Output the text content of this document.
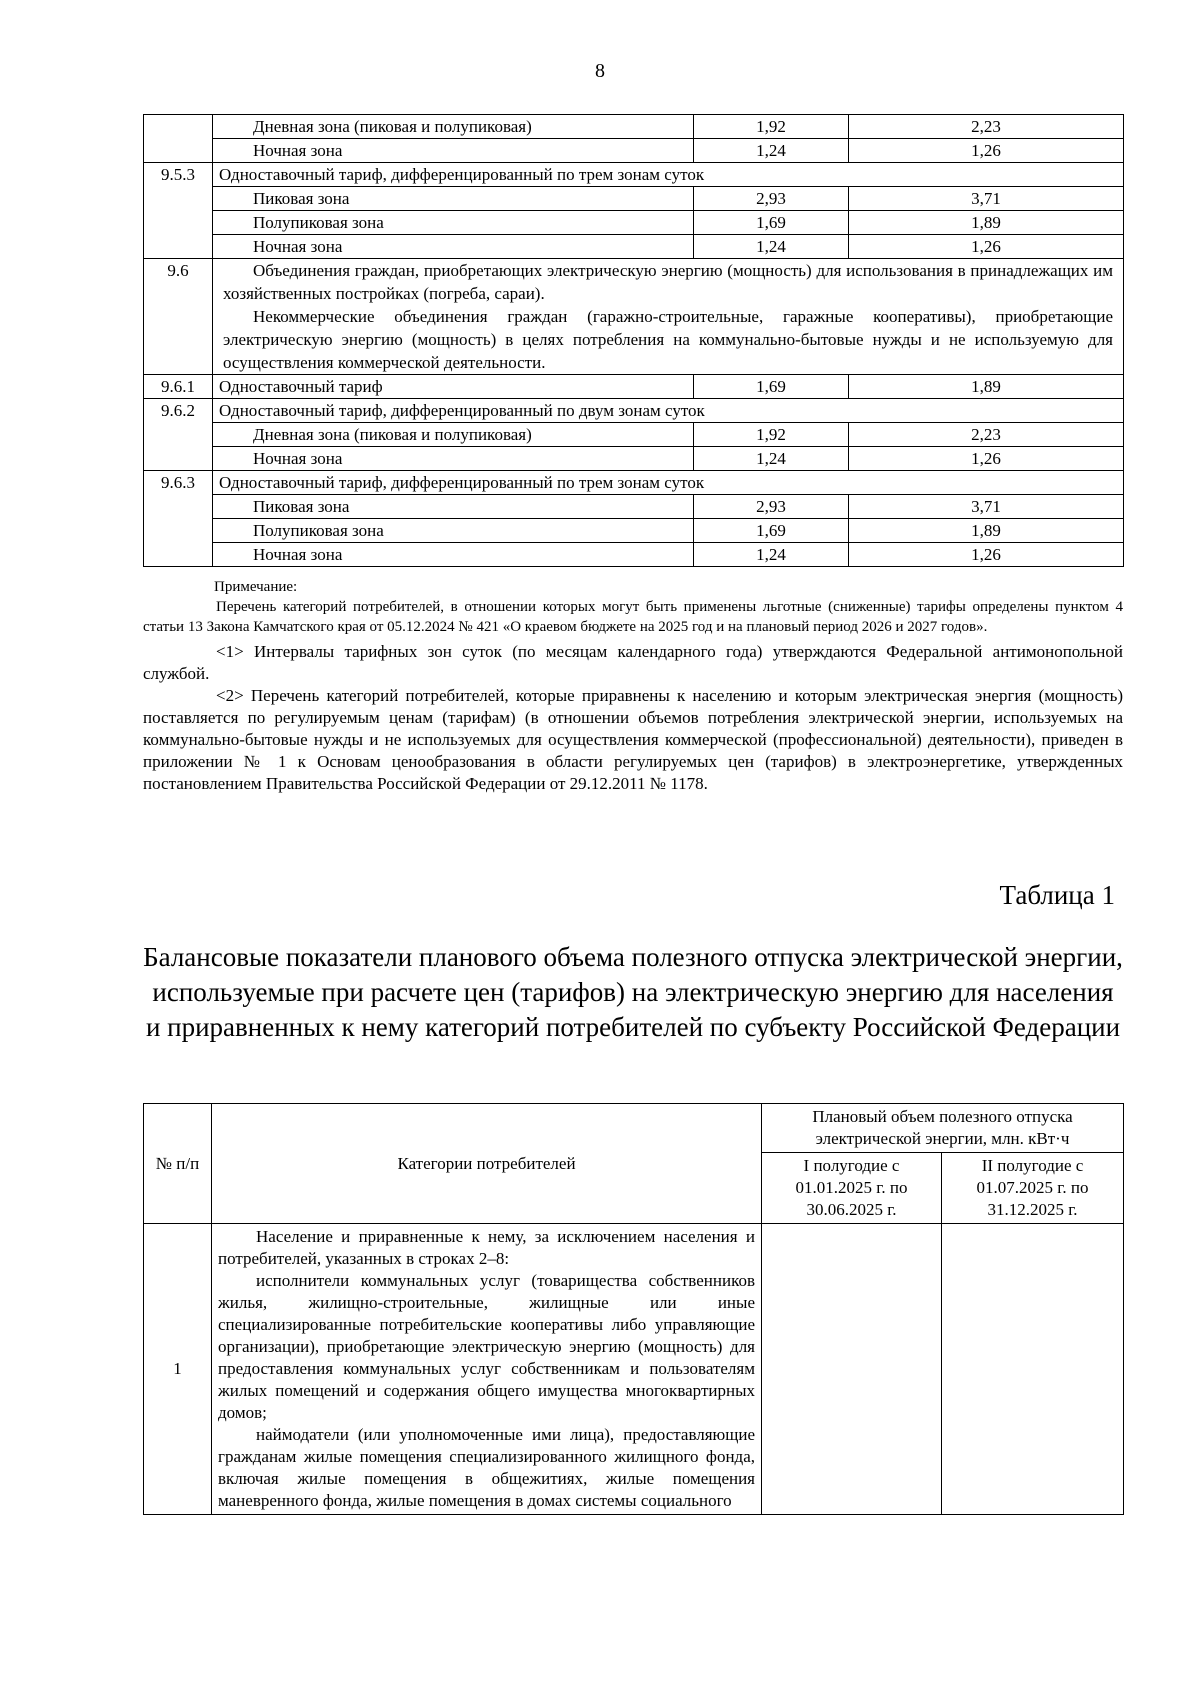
8
	Дневная зона (пиковая и полупиковая)	1,92	2,23
	Ночная зона	1,24	1,26
9.5.3	Одноставочный тариф, дифференцированный по трем зонам суток		
	Пиковая зона	2,93	3,71
	Полупиковая зона	1,69	1,89
	Ночная зона	1,24	1,26
9.6	Объединения граждан, приобретающих электрическую энергию (мощность) для использования в принадлежащих им хозяйственных постройках (погреба, сараи).

Некоммерческие объединения граждан (гаражно-строительные, гаражные кооперативы), приобретающие электрическую энергию (мощность) в целях потребления на коммунально-бытовые нужды и не используемую для осуществления коммерческой деятельности.		

9.6.1	Одноставочный тариф	1,69	1,89
9.6.2	Одноставочный тариф, дифференцированный по двум зонам суток		
	Дневная зона (пиковая и полупиковая)	1,92	2,23
	Ночная зона	1,24	1,26
9.6.3	Одноставочный тариф, дифференцированный по трем зонам суток		
	Пиковая зона	2,93	3,71
	Полупиковая зона	1,69	1,89
	Ночная зона	1,24	1,26

Примечание:

Перечень категорий потребителей, в отношении которых могут быть применены льготные (сниженные) тарифы определены пунктом 4 статьи 13 Закона Камчатского края от 05.12.2024 № 421 «О краевом бюджете на 2025 год и на плановый период 2026 и 2027 годов».

<1> Интервалы тарифных зон суток (по месяцам календарного года) утверждаются Федеральной антимонопольной службой.

<2> Перечень категорий потребителей, которые приравнены к населению и которым электрическая энергия (мощность) поставляется по регулируемым ценам (тарифам) (в отношении объемов потребления электрической энергии, используемых на коммунально-бытовые нужды и не используемых для осуществления коммерческой (профессиональной) деятельности), приведен в приложении № 1 к Основам ценообразования в области регулируемых цен (тарифов) в электроэнергетике, утвержденных постановлением Правительства Российской Федерации от 29.12.2011 № 1178.

Таблица 1
Балансовые показатели планового объема полезного отпуска электрической энергии, используемые при расчете цен (тарифов) на электрическую энергию для населения и приравненных к нему категорий потребителей по субъекту Российской Федерации
№ п/п	Категории потребителей	Плановый объем полезного отпуска электрической энергии, млн. кВт·ч	
		I полугодие с 01.01.2025 г. по 30.06.2025 г.	II полугодие с 01.07.2025 г. по 31.12.2025 г.
1	Население и приравненные к нему, за исключением населения и потребителей, указанных в строках 2–8:

исполнители коммунальных услуг (товарищества собственников жилья, жилищно-строительные, жилищные или иные специализированные потребительские кооперативы либо управляющие организации), приобретающие электрическую энергию (мощность) для предоставления коммунальных услуг собственникам и пользователям жилых помещений и содержания общего имущества многоквартирных домов;

наймодатели (или уполномоченные ими лица), предоставляющие гражданам жилые помещения специализированного жилищного фонда, включая жилые помещения в общежитиях, жилые помещения маневренного фонда, жилые помещения в домах системы социального		
